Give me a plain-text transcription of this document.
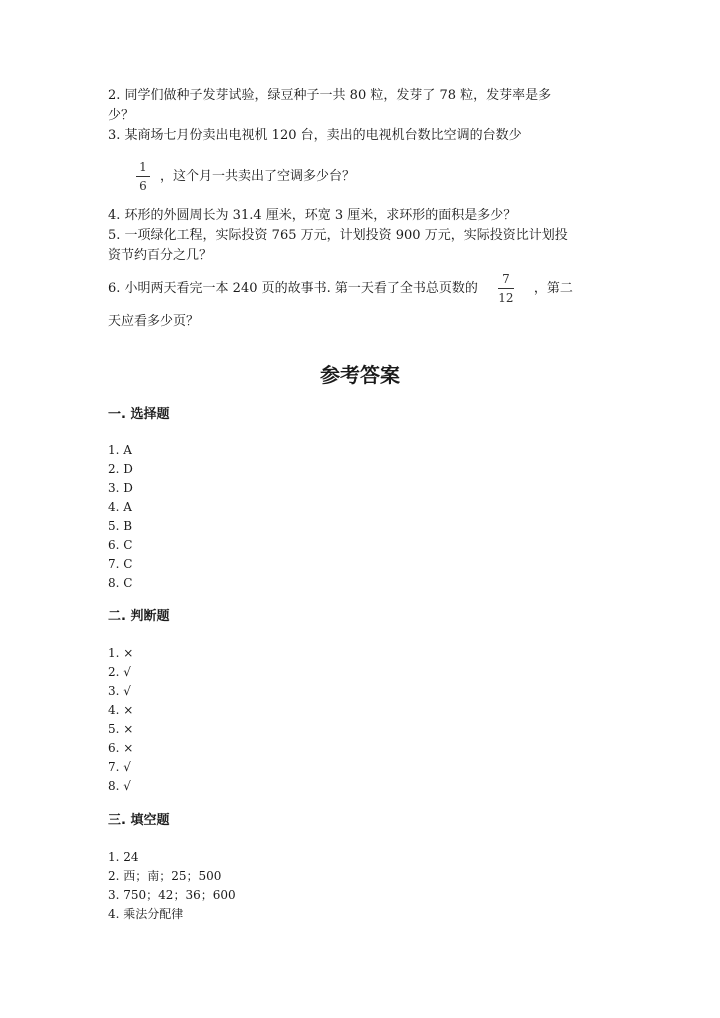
2. 同学们做种子发芽试验，绿豆种子一共 80 粒，发芽了 78 粒，发芽率是多
少？
3. 某商场七月份卖出电视机 120 台，卖出的电视机台数比空调的台数少
$\frac{1}{6}$ ，这个月一共卖出了空调多少台？
4. 环形的外圆周长为 31.4 厘米，环宽 3 厘米，求环形的面积是多少？
5. 一项绿化工程，实际投资 765 万元，计划投资 900 万元，实际投资比计划投
资节约百分之几？
6. 小明两天看完一本 240 页的故事书. 第一天看了全书总页数的 $\frac{7}{12}$ ，第二
天应看多少页？
参考答案
一. 选择题
1. A
2. D
3. D
4. A
5. B
6. C
7. C
8. C
二. 判断题
1. ×
2. √
3. √
4. ×
5. ×
6. ×
7. √
8. √
三. 填空题
1. 24
2. 西；南；25；500
3. 750；42；36；600
4. 乘法分配律
